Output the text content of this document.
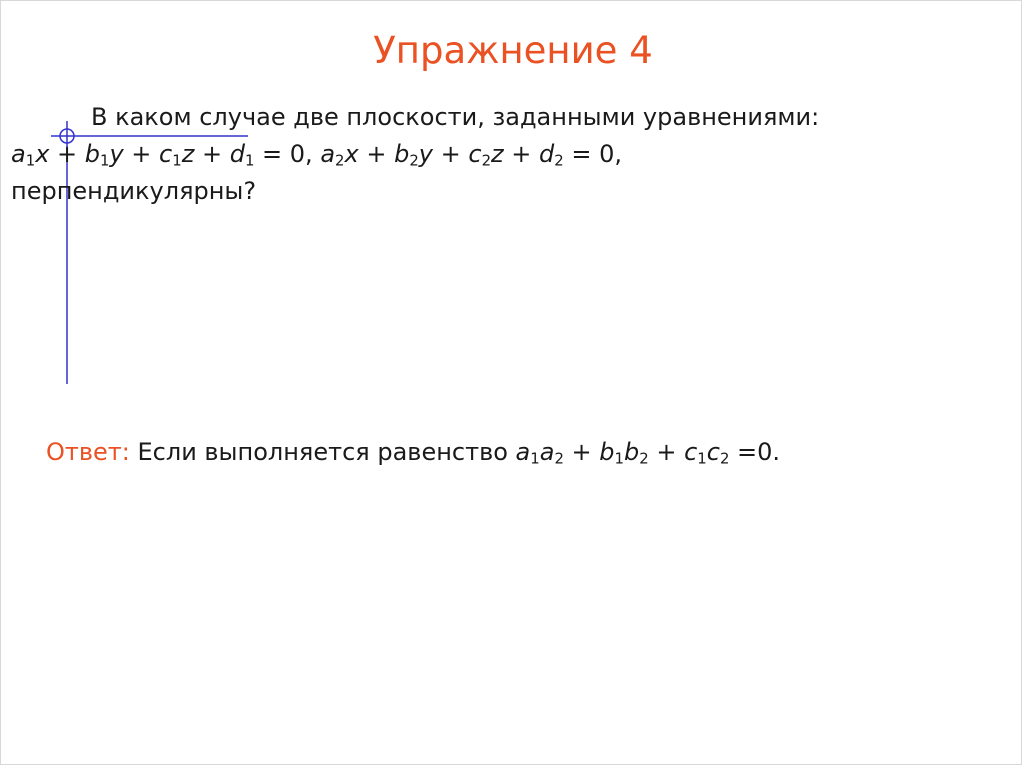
Упражнение 4
В каком случае две плоскости, заданными уравнениями: $a_1x + b_1y + c_1z + d_1 = 0$, $a_2x + b_2y + c_2z + d_2 = 0$, перпендикулярны?
Ответ: Если выполняется равенство $a_1a_2 + b_1b_2 + c_1c_2 =0$.
